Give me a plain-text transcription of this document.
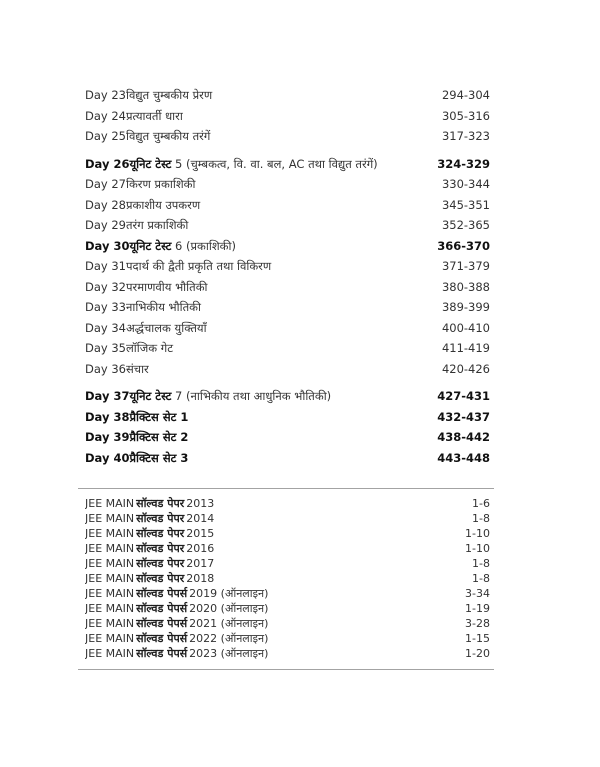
Day 23 विद्युत चुम्बकीय प्रेरण	294-304
Day 24 प्रत्यावर्ती धारा	305-316
Day 25 विद्युत चुम्बकीय तरंगें	317-323
Day 26 यूनिट टेस्ट 5 (चुम्बकत्व, वि. वा. बल, AC तथा विद्युत तरंगें)	324-329
Day 27 किरण प्रकाशिकी	330-344
Day 28 प्रकाशीय उपकरण	345-351
Day 29 तरंग प्रकाशिकी	352-365
Day 30 यूनिट टेस्ट 6 (प्रकाशिकी)	366-370
Day 31 पदार्थ की द्वैती प्रकृति तथा विकिरण	371-379
Day 32 परमाणवीय भौतिकी	380-388
Day 33 नाभिकीय भौतिकी	389-399
Day 34 अर्द्धचालक युक्तियाँ	400-410
Day 35 लॉजिक गेट	411-419
Day 36 संचार	420-426
Day 37 यूनिट टेस्ट 7 (नाभिकीय तथा आधुनिक भौतिकी)	427-431
Day 38 प्रैक्टिस सेट 1	432-437
Day 39 प्रैक्टिस सेट 2	438-442
Day 40 प्रैक्टिस सेट 3	443-448
JEE MAIN सॉल्वड पेपर 2013	1-6
JEE MAIN सॉल्वड पेपर 2014	1-8
JEE MAIN सॉल्वड पेपर 2015	1-10
JEE MAIN सॉल्वड पेपर 2016	1-10
JEE MAIN सॉल्वड पेपर 2017	1-8
JEE MAIN सॉल्वड पेपर 2018	1-8
JEE MAIN सॉल्वड पेपर्स 2019 (ऑनलाइन)	3-34
JEE MAIN सॉल्वड पेपर्स 2020 (ऑनलाइन)	1-19
JEE MAIN सॉल्वड पेपर्स 2021 (ऑनलाइन)	3-28
JEE MAIN सॉल्वड पेपर्स 2022 (ऑनलाइन)	1-15
JEE MAIN सॉल्वड पेपर्स 2023 (ऑनलाइन)	1-20
